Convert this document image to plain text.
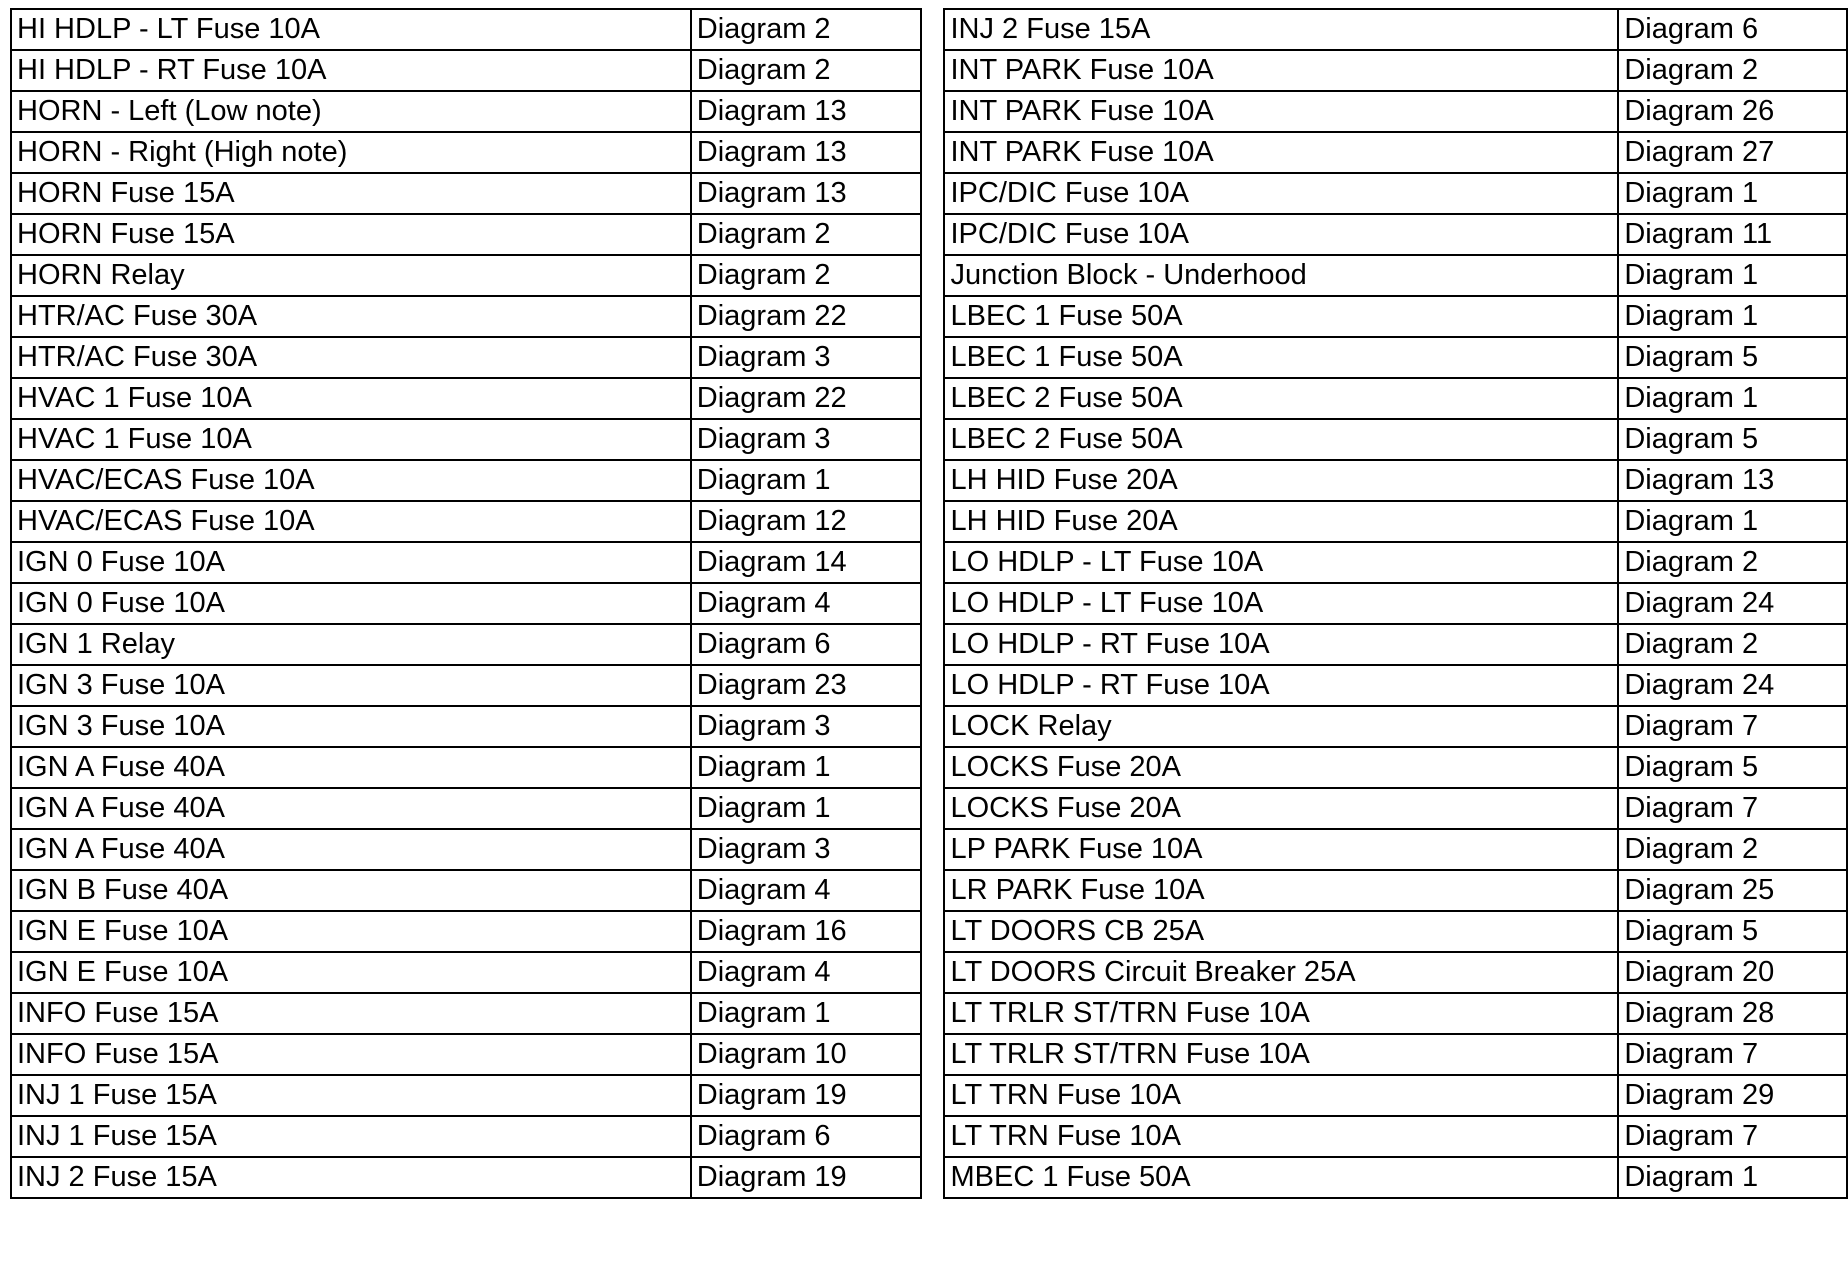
HI HDLP - LT Fuse 10A	Diagram 2
HI HDLP - RT Fuse 10A	Diagram 2
HORN - Left (Low note)	Diagram 13
HORN - Right (High note)	Diagram 13
HORN Fuse 15A	Diagram 13
HORN Fuse 15A	Diagram 2
HORN Relay	Diagram 2
HTR/AC Fuse 30A	Diagram 22
HTR/AC Fuse 30A	Diagram 3
HVAC 1 Fuse 10A	Diagram 22
HVAC 1 Fuse 10A	Diagram 3
HVAC/ECAS Fuse 10A	Diagram 1
HVAC/ECAS Fuse 10A	Diagram 12
IGN 0 Fuse 10A	Diagram 14
IGN 0 Fuse 10A	Diagram 4
IGN 1 Relay	Diagram 6
IGN 3 Fuse 10A	Diagram 23
IGN 3 Fuse 10A	Diagram 3
IGN A Fuse 40A	Diagram 1
IGN A Fuse 40A	Diagram 1
IGN A Fuse 40A	Diagram 3
IGN B Fuse 40A	Diagram 4
IGN E Fuse 10A	Diagram 16
IGN E Fuse 10A	Diagram 4
INFO Fuse 15A	Diagram 1
INFO Fuse 15A	Diagram 10
INJ 1 Fuse 15A	Diagram 19
INJ 1 Fuse 15A	Diagram 6
INJ 2 Fuse 15A	Diagram 19
INJ 2 Fuse 15A	Diagram 6
INT PARK Fuse 10A	Diagram 2
INT PARK Fuse 10A	Diagram 26
INT PARK Fuse 10A	Diagram 27
IPC/DIC Fuse 10A	Diagram 1
IPC/DIC Fuse 10A	Diagram 11
Junction Block - Underhood	Diagram 1
LBEC 1 Fuse 50A	Diagram 1
LBEC 1 Fuse 50A	Diagram 5
LBEC 2 Fuse 50A	Diagram 1
LBEC 2 Fuse 50A	Diagram 5
LH HID Fuse 20A	Diagram 13
LH HID Fuse 20A	Diagram 1
LO HDLP - LT Fuse 10A	Diagram 2
LO HDLP - LT Fuse 10A	Diagram 24
LO HDLP - RT Fuse 10A	Diagram 2
LO HDLP - RT Fuse 10A	Diagram 24
LOCK Relay	Diagram 7
LOCKS Fuse 20A	Diagram 5
LOCKS Fuse 20A	Diagram 7
LP PARK Fuse 10A	Diagram 2
LR PARK Fuse 10A	Diagram 25
LT DOORS CB 25A	Diagram 5
LT DOORS Circuit Breaker 25A	Diagram 20
LT TRLR ST/TRN Fuse 10A	Diagram 28
LT TRLR ST/TRN Fuse 10A	Diagram 7
LT TRN Fuse 10A	Diagram 29
LT TRN Fuse 10A	Diagram 7
MBEC 1 Fuse 50A	Diagram 1
